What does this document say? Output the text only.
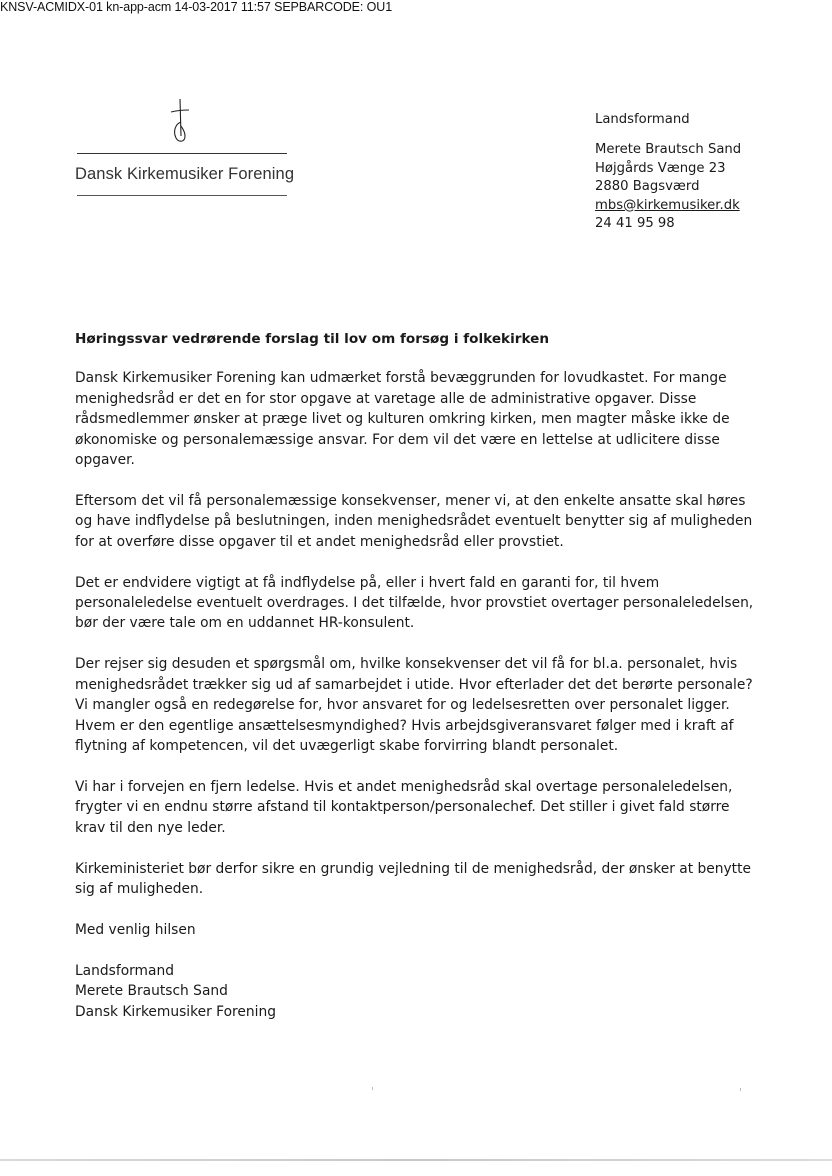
KNSV-ACMIDX-01 kn-app-acm 14-03-2017 11:57 SEPBARCODE: OU1
Dansk Kirkemusiker Forening
Landsformand
Merete Brautsch Sand
Højgårds Vænge 23
2880 Bagsværd
mbs@kirkemusiker.dk
24 41 95 98
Høringssvar vedrørende forslag til lov om forsøg i folkekirken

Dansk Kirkemusiker Forening kan udmærket forstå bevæggrunden for lovudkastet. For mange
menighedsråd er det en for stor opgave at varetage alle de administrative opgaver. Disse
rådsmedlemmer ønsker at præge livet og kulturen omkring kirken, men magter måske ikke de
økonomiske og personalemæssige ansvar. For dem vil det være en lettelse at udlicitere disse
opgaver.

Eftersom det vil få personalemæssige konsekvenser, mener vi, at den enkelte ansatte skal høres
og have indflydelse på beslutningen, inden menighedsrådet eventuelt benytter sig af muligheden
for at overføre disse opgaver til et andet menighedsråd eller provstiet.

Det er endvidere vigtigt at få indflydelse på, eller i hvert fald en garanti for, til hvem
personaleledelse eventuelt overdrages. I det tilfælde, hvor provstiet overtager personaleledelsen,
bør der være tale om en uddannet HR-konsulent.

Der rejser sig desuden et spørgsmål om, hvilke konsekvenser det vil få for bl.a. personalet, hvis
menighedsrådet trækker sig ud af samarbejdet i utide. Hvor efterlader det det berørte personale?
Vi mangler også en redegørelse for, hvor ansvaret for og ledelsesretten over personalet ligger.
Hvem er den egentlige ansættelsesmyndighed? Hvis arbejdsgiveransvaret følger med i kraft af
flytning af kompetencen, vil det uvægerligt skabe forvirring blandt personalet.

Vi har i forvejen en fjern ledelse. Hvis et andet menighedsråd skal overtage personaleledelsen,
frygter vi en endnu større afstand til kontaktperson/personalechef. Det stiller i givet fald større
krav til den nye leder.

Kirkeministeriet bør derfor sikre en grundig vejledning til de menighedsråd, der ønsker at benytte
sig af muligheden.

Med venlig hilsen
Landsformand
Merete Brautsch Sand
Dansk Kirkemusiker Forening
